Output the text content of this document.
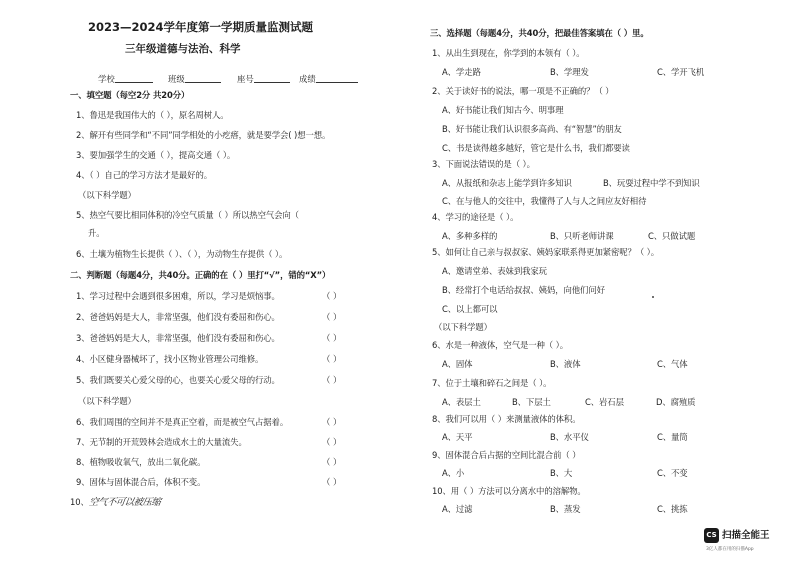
2023—2024学年度第一学期质量监测试题
三年级道德与法治、科学
学校	班级	座号	成绩
一、填空题（每空2分 共20分）
1、鲁迅是我国伟大的（ ），原名周树人。
2、解开有些同学和“不同”同学相处的小疙瘩，就是要学会( )想一想。
3、要加强学生的交通（ ），提高交通（ ）。
4、（ ）自己的学习方法才是最好的。
（以下科学题）
5、热空气要比相同体积的冷空气质量（ ）所以热空气会向（
升。
6、土壤为植物生长提供（ ）、（ ），为动物生存提供（ ）。
二、判断题（每题4分，共40分。正确的在（ ）里打“√”，错的“X”）
1、学习过程中会遇到很多困难，所以，学习是烦恼事。	（ ）
2、爸爸妈妈是大人，非常坚强，他们没有委屈和伤心。	（ ）
3、爸爸妈妈是大人，非常坚强，他们没有委屈和伤心。	（ ）
4、小区健身器械坏了，找小区物业管理公司维修。	（ ）
5、我们既要关心爱父母的心，也要关心爱父母的行动。	（ ）
（以下科学题）
6、我们周围的空间并不是真正空着，而是被空气占据着。	（ ）
7、无节制的开荒毁林会造成水土的大量流失。	（ ）
8、植物吸收氧气，放出二氧化碳。	（ ）
9、固体与固体混合后，体积不变。	（ ）
10、空气不可以被压缩
三、选择题（每题4分，共40分，把最佳答案填在（ ）里。
1、从出生到现在，你学到的本领有（ ）。
A、学走路	B、学理发	C、学开飞机
2、关于读好书的说法，哪一项是不正确的？（ ）
A、好书能让我们知古今、明事理
B、好书能让我们认识很多高尚、有“智慧”的朋友
C、书是读得越多越好，管它是什么书，我们都要读
3、下面说法错误的是（ ）。
A、从报纸和杂志上能学到许多知识	B、玩耍过程中学不到知识
C、在与他人的交往中，我懂得了人与人之间应友好相待
4、学习的途径是（ ）。
A、多种多样的	B、只听老师讲课	C、只做试题
5、如何让自己亲与叔叔家、姨妈家联系得更加紧密呢？（ ）。
A、邀请堂弟、表妹到我家玩
B、经常打个电话给叔叔、姨妈，向他们问好
C、以上都可以
（以下科学题）
6、水是一种液体，空气是一种（ ）。
A、固体	B、液体	C、气体
7、位于土壤和碎石之间是（ ）。
A、表层土	B、下层土	C、岩石层	D、腐殖质
8、我们可以用（ ）来测量液体的体积。
A、天平	B、水平仪	C、量筒
9、固体混合后占据的空间比混合前（ ）
A、小	B、大	C、不变
10、用（ ）方法可以分离水中的溶解物。
A、过滤	B、蒸发	C、挑拣
CS 扫描全能王
3亿人都在用的扫描App
